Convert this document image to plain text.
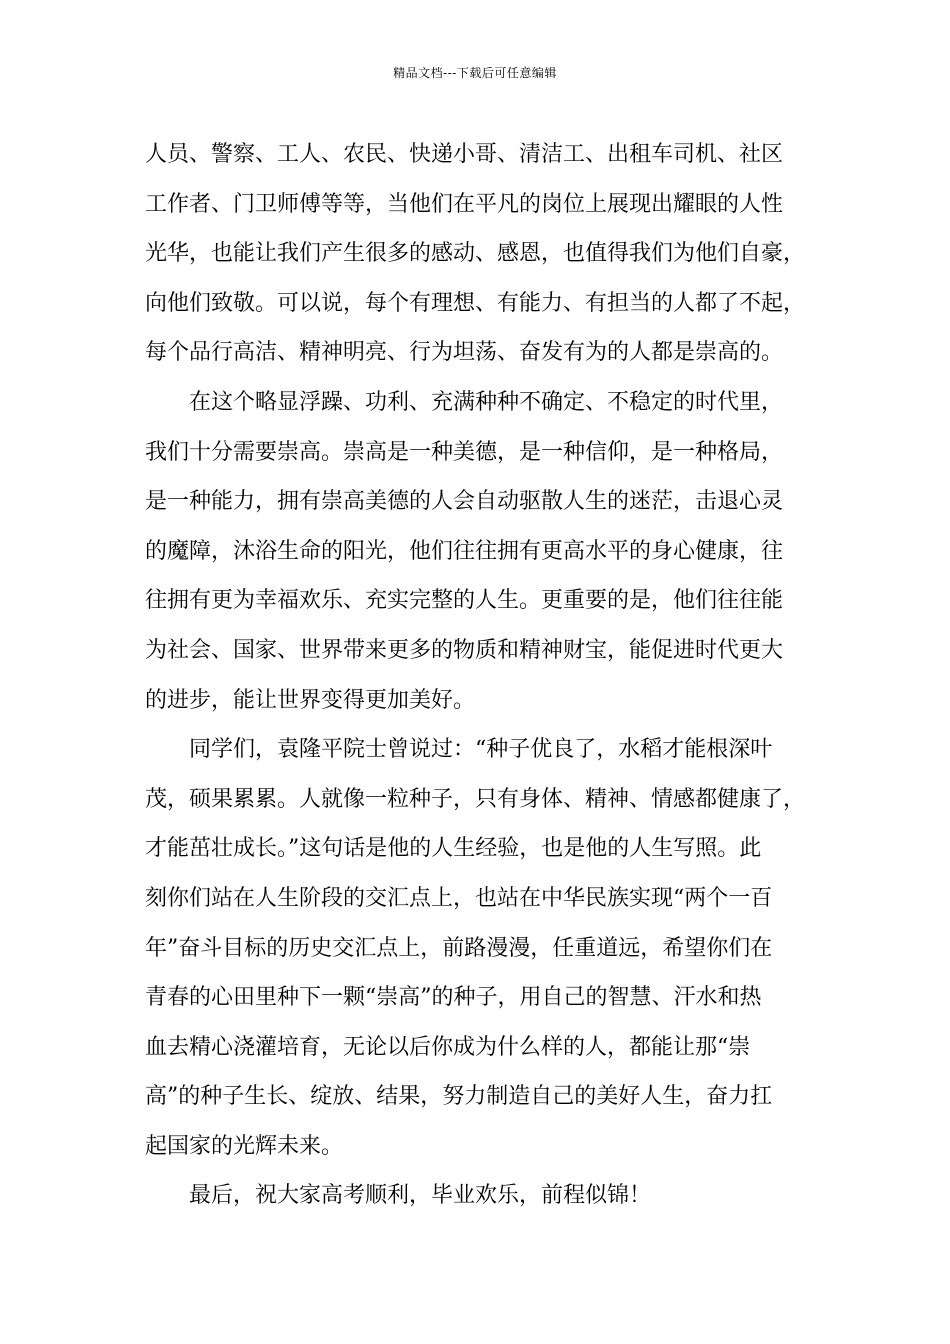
精品文档---下载后可任意编辑
人员、警察、工人、农民、快递小哥、清洁工、出租车司机、社区
工作者、门卫师傅等等，当他们在平凡的岗位上展现出耀眼的人性
光华，也能让我们产生很多的感动、感恩，也值得我们为他们自豪，
向他们致敬。可以说，每个有理想、有能力、有担当的人都了不起，
每个品行高洁、精神明亮、行为坦荡、奋发有为的人都是崇高的。
在这个略显浮躁、功利、充满种种不确定、不稳定的时代里，
我们十分需要崇高。崇高是一种美德，是一种信仰，是一种格局，
是一种能力，拥有崇高美德的人会自动驱散人生的迷茫，击退心灵
的魔障，沐浴生命的阳光，他们往往拥有更高水平的身心健康，往
往拥有更为幸福欢乐、充实完整的人生。更重要的是，他们往往能
为社会、国家、世界带来更多的物质和精神财宝，能促进时代更大
的进步，能让世界变得更加美好。
同学们，袁隆平院士曾说过：“种子优良了，水稻才能根深叶
茂，硕果累累。人就像一粒种子，只有身体、精神、情感都健康了，
才能茁壮成长。”这句话是他的人生经验，也是他的人生写照。此
刻你们站在人生阶段的交汇点上，也站在中华民族实现“两个一百
年”奋斗目标的历史交汇点上，前路漫漫，任重道远，希望你们在
青春的心田里种下一颗“崇高”的种子，用自己的智慧、汗水和热
血去精心浇灌培育，无论以后你成为什么样的人，都能让那“崇
高”的种子生长、绽放、结果，努力制造自己的美好人生，奋力扛
起国家的光辉未来。
最后，祝大家高考顺利，毕业欢乐，前程似锦！
